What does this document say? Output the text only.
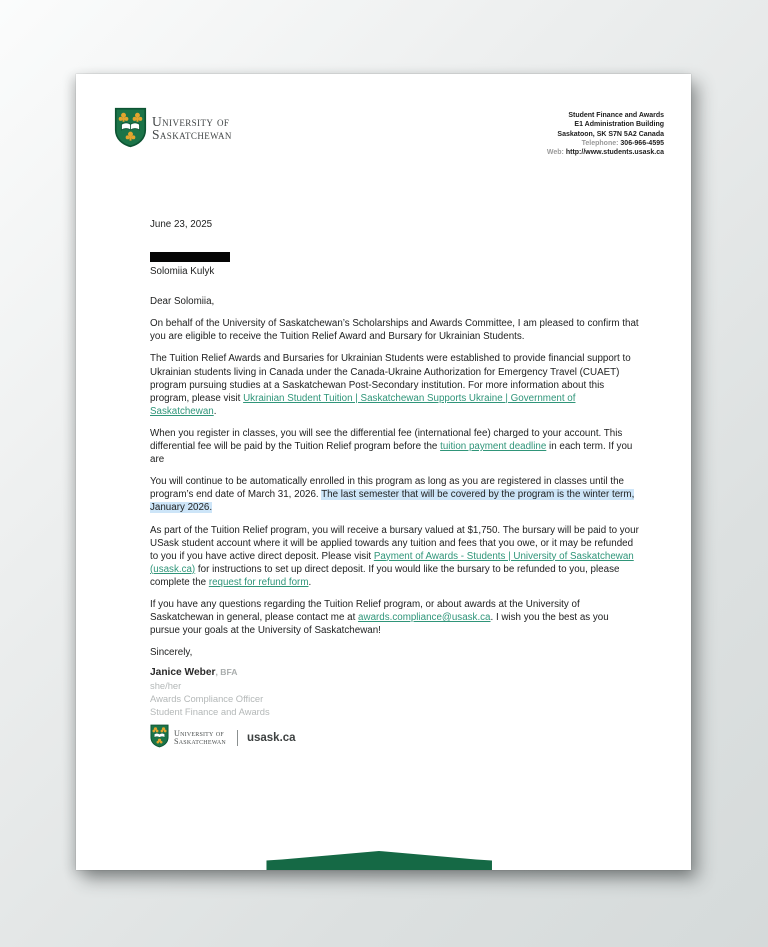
University of
Saskatchewan
Student Finance and Awards
E1 Administration Building
Saskatoon, SK S7N 5A2 Canada
Telephone: 306-966-4595
Web: http://www.students.usask.ca
June 23, 2025
Solomiia Kulyk
Dear Solomiia,

On behalf of the University of Saskatchewan’s Scholarships and Awards Committee, I am pleased to confirm that you are eligible to receive the Tuition Relief Award and Bursary for Ukrainian Students.

The Tuition Relief Awards and Bursaries for Ukrainian Students were established to provide financial support to Ukrainian students living in Canada under the Canada-Ukraine Authorization for Emergency Travel (CUAET) program pursuing studies at a Saskatchewan Post-Secondary institution. For more information about this program, please visit Ukrainian Student Tuition | Saskatchewan Supports Ukraine | Government of Saskatchewan.

When you register in classes, you will see the differential fee (international fee) charged to your account. This differential fee will be paid by the Tuition Relief program before the tuition payment deadline in each term. If you are

You will continue to be automatically enrolled in this program as long as you are registered in classes until the program’s end date of March 31, 2026. The last semester that will be covered by the program is the winter term, January 2026.

As part of the Tuition Relief program, you will receive a bursary valued at $1,750. The bursary will be paid to your USask student account where it will be applied towards any tuition and fees that you owe, or it may be refunded to you if you have active direct deposit. Please visit Payment of Awards - Students | University of Saskatchewan (usask.ca) for instructions to set up direct deposit. If you would like the bursary to be refunded to you, please complete the request for refund form.

If you have any questions regarding the Tuition Relief program, or about awards at the University of Saskatchewan in general, please contact me at awards.compliance@usask.ca. I wish you the best as you pursue your goals at the University of Saskatchewan!

Sincerely,
Janice Weber, BFA
she/her
Awards Compliance Officer
Student Finance and Awards
University of
Saskatchewan usask.ca
